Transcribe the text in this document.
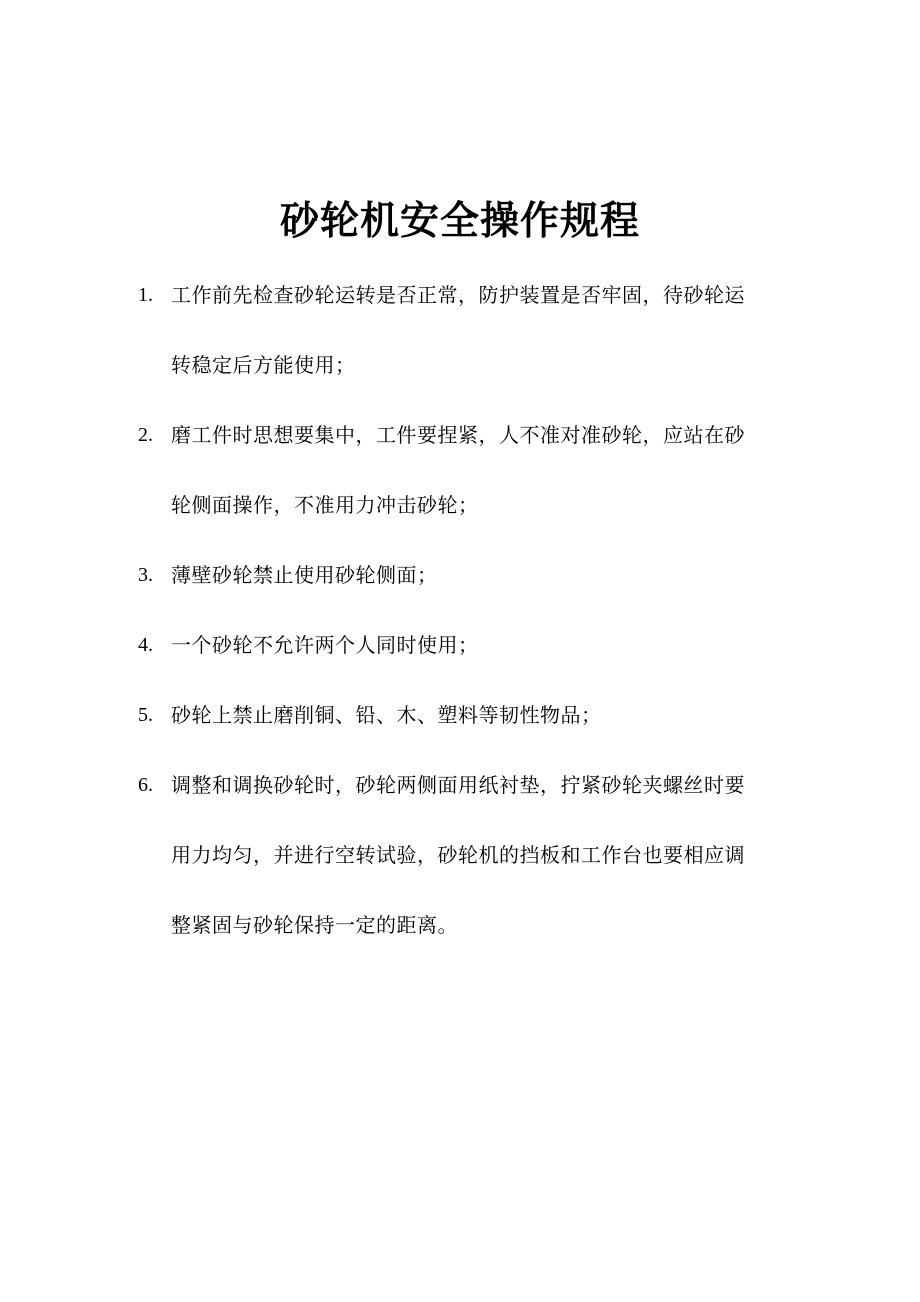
砂轮机安全操作规程
1. 工作前先检查砂轮运转是否正常，防护装置是否牢固，待砂轮运
转稳定后方能使用；
2. 磨工件时思想要集中，工件要捏紧，人不准对准砂轮，应站在砂
轮侧面操作，不准用力冲击砂轮；
3. 薄壁砂轮禁止使用砂轮侧面；
4. 一个砂轮不允许两个人同时使用；
5. 砂轮上禁止磨削铜、铅、木、塑料等韧性物品；
6. 调整和调换砂轮时，砂轮两侧面用纸衬垫，拧紧砂轮夹螺丝时要
用力均匀，并进行空转试验，砂轮机的挡板和工作台也要相应调
整紧固与砂轮保持一定的距离。
